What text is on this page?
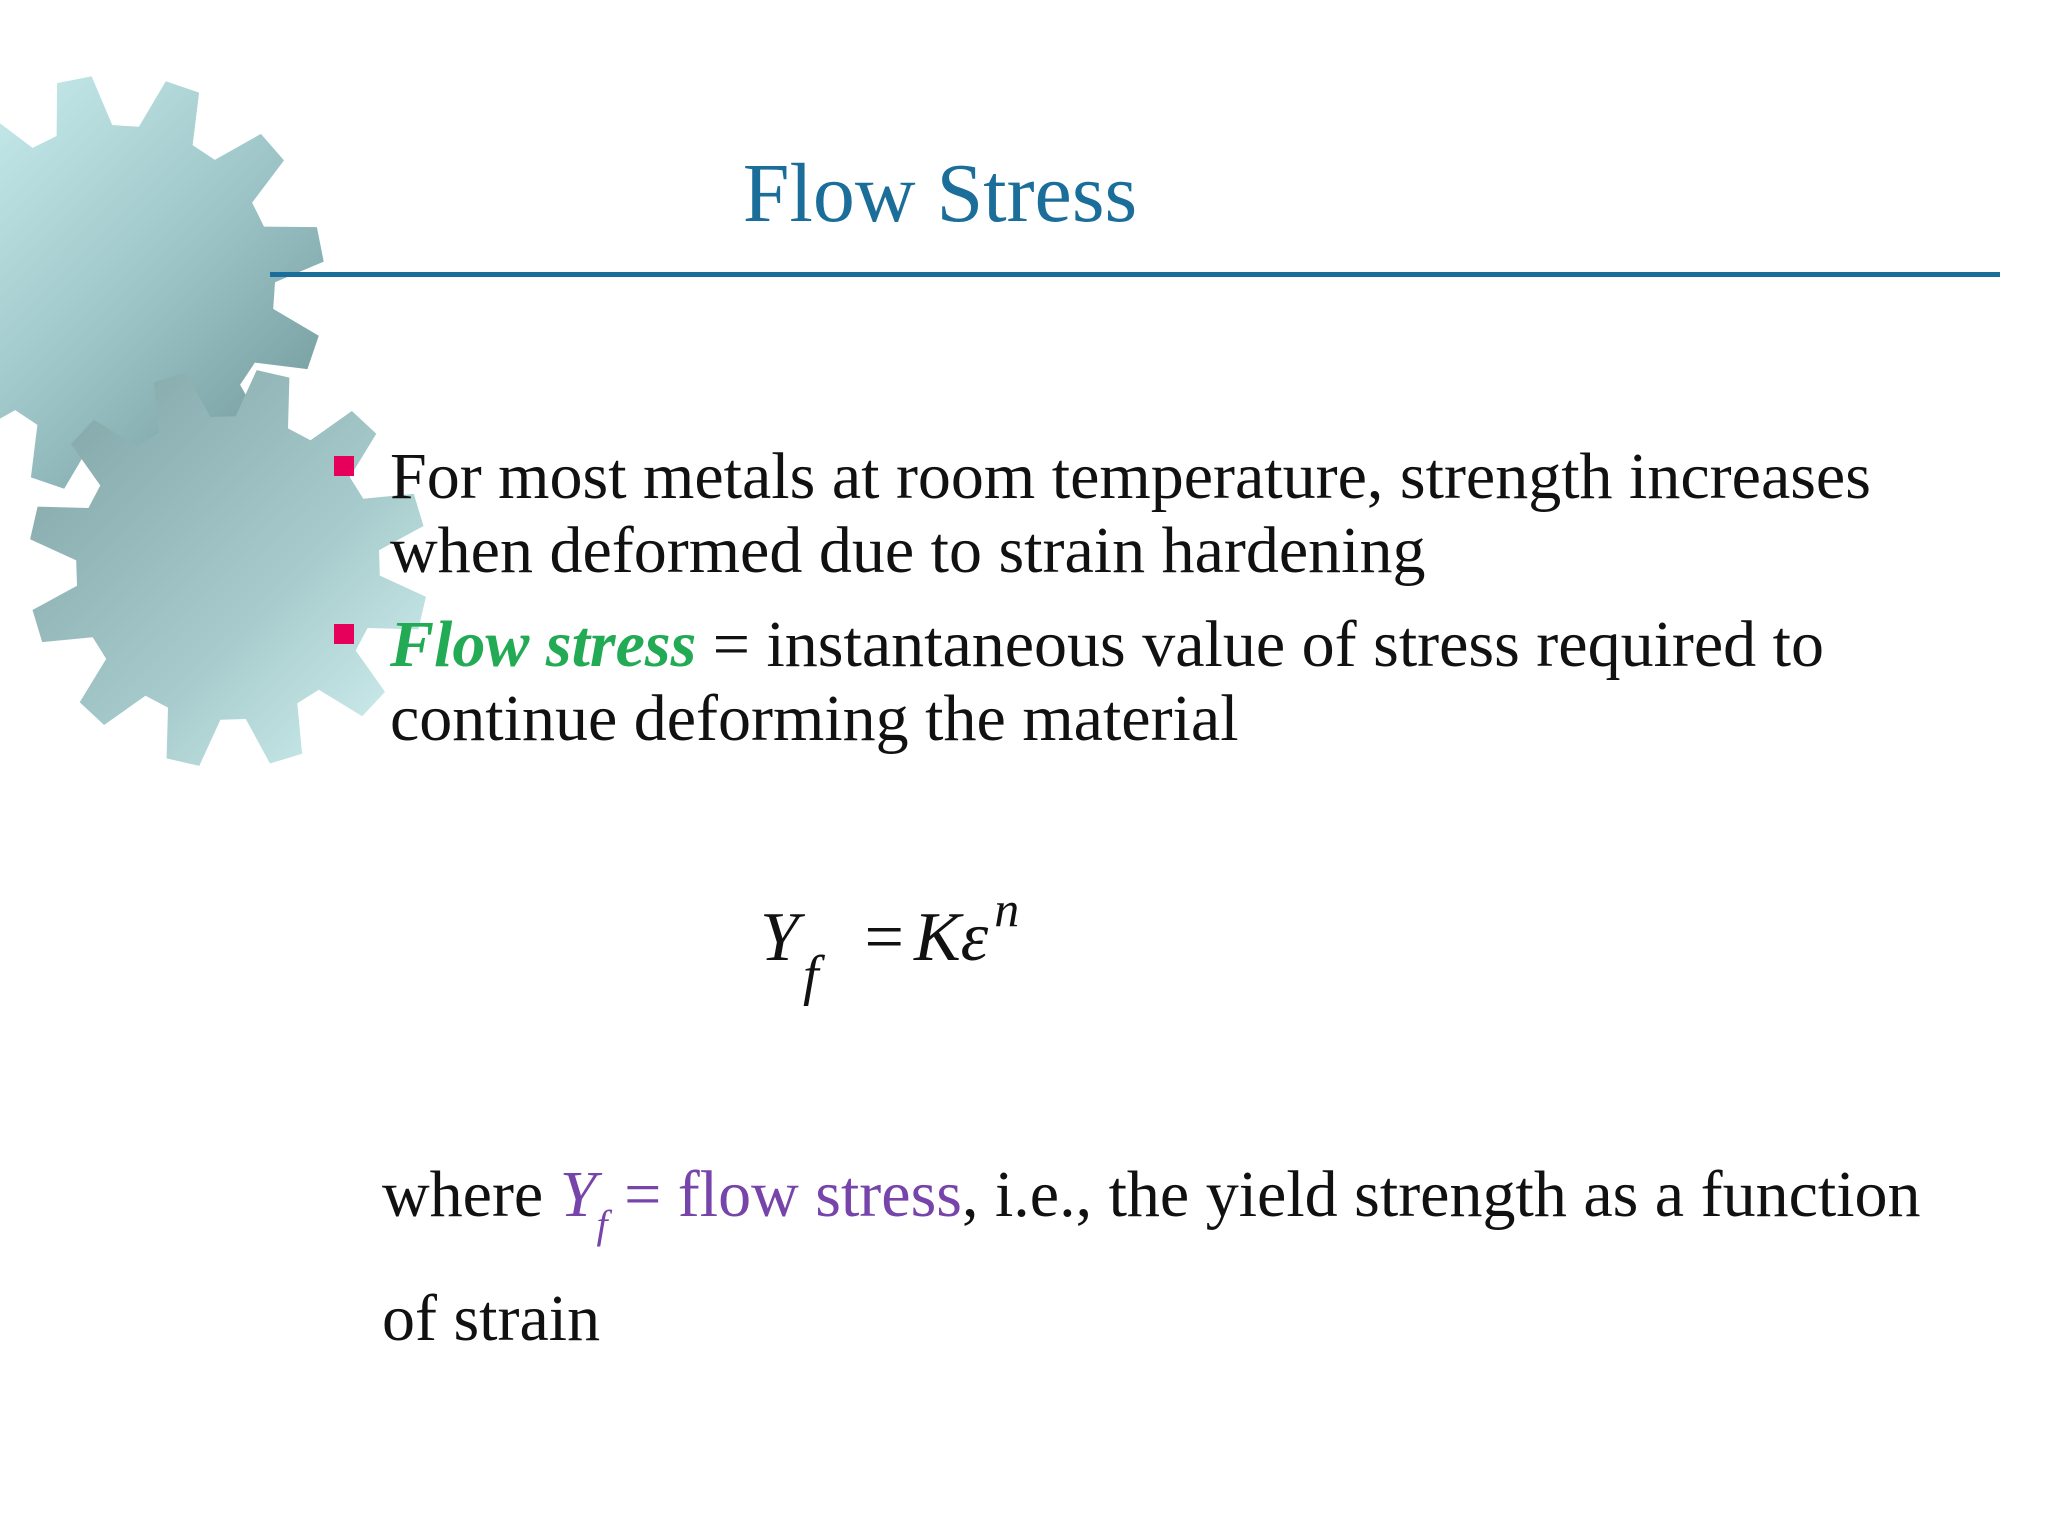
Flow Stress
For most metals at room temperature, strength increases when deformed due to strain hardening
Flow stress = instantaneous value of stress required to continue deforming the material
$Y_f = K\varepsilon$ $^n$
where $Y_f$ = flow stress, i.e., the yield strength as a function of strain
